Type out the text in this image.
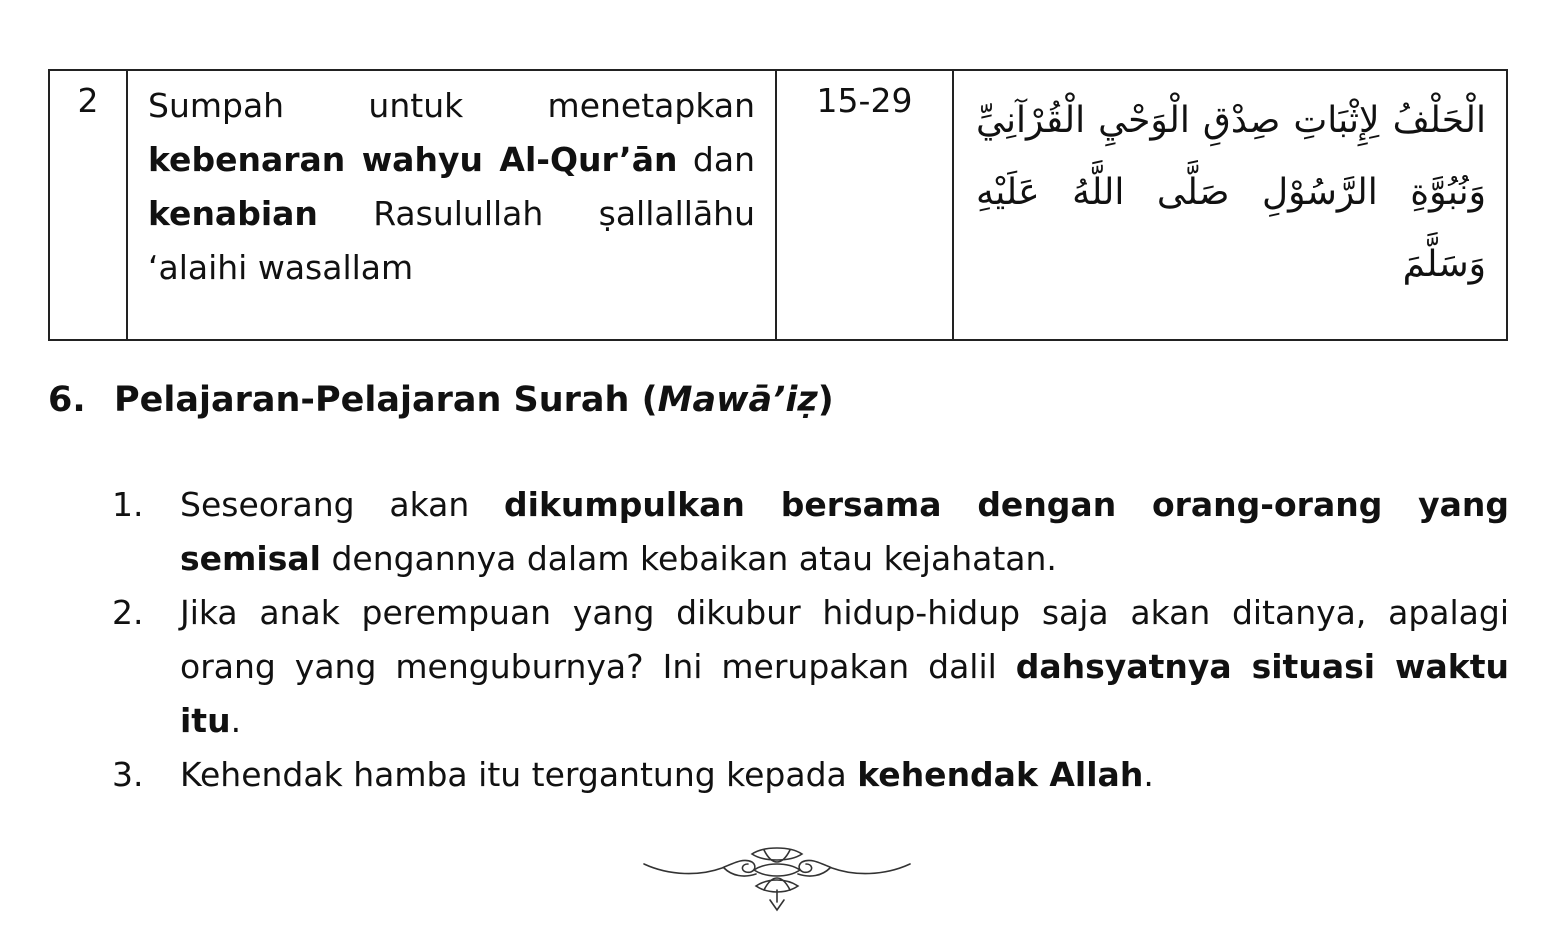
2	Sumpah untuk menetapkan kebenaran wahyu Al-Qur’ān dan kenabian Rasulullah ṣallallāhu ‘alaihi wasallam	15-29	الْحَلْفُ لِإِثْبَاتِ صِدْقِ الْوَحْيِ الْقُرْآنِيِّ وَنُبُوَّةِ الرَّسُوْلِ صَلَّى اللَّهُ عَلَيْهِ وَسَلَّمَ
6. Pelajaran-Pelajaran Surah (Mawā’iẓ)
1. Seseorang akan dikumpulkan bersama dengan orang-orang yang semisal dengannya dalam kebaikan atau kejahatan.
2. Jika anak perempuan yang dikubur hidup-hidup saja akan ditanya, apalagi orang yang menguburnya? Ini merupakan dalil dahsyatnya situasi waktu itu.
3. Kehendak hamba itu tergantung kepada kehendak Allah.
